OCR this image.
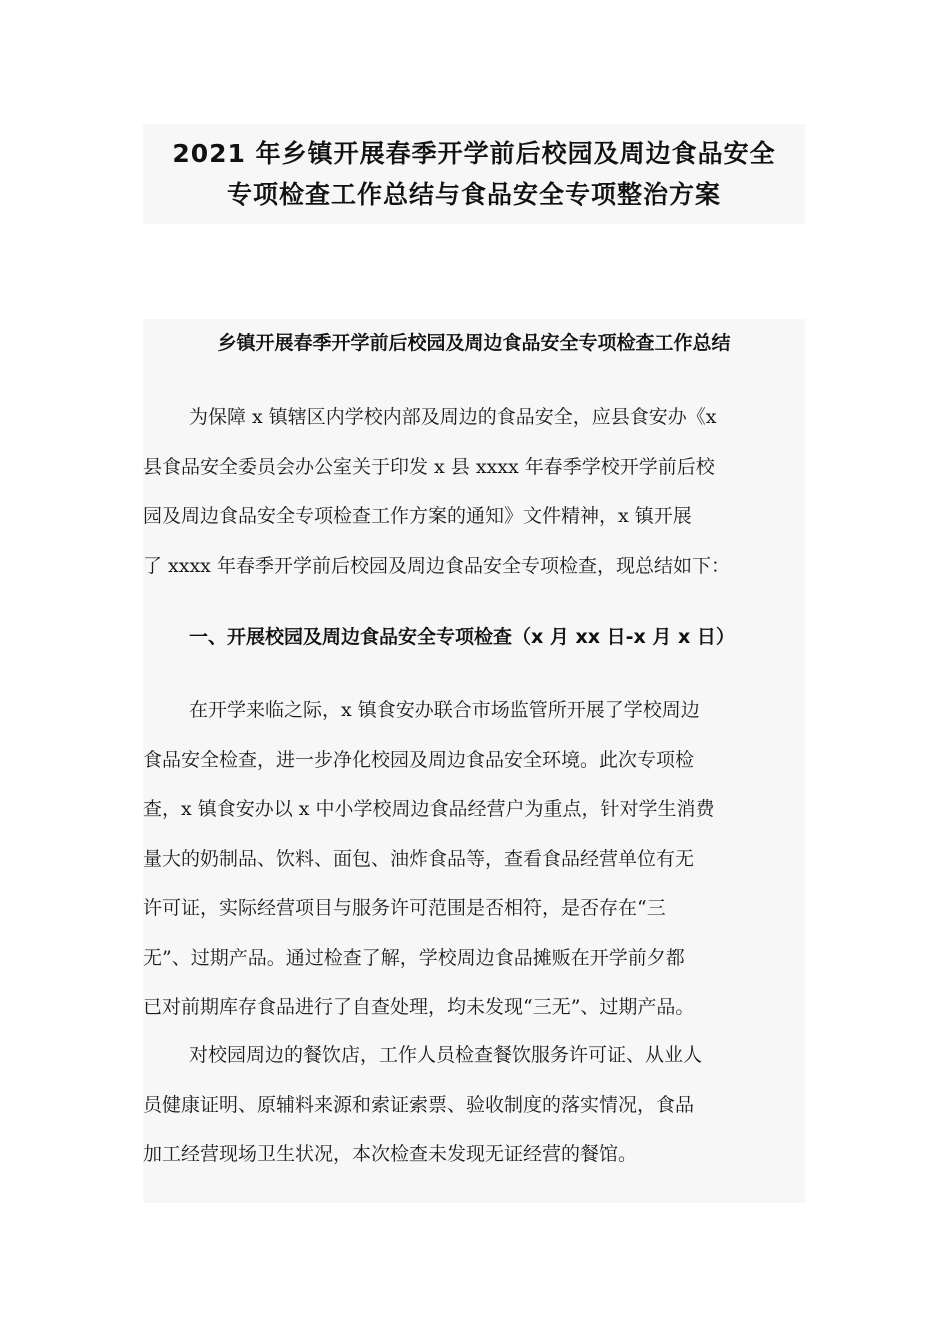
2021 年乡镇开展春季开学前后校园及周边食品安全
专项检查工作总结与食品安全专项整治方案
乡镇开展春季开学前后校园及周边食品安全专项检查工作总结
为保障 x 镇辖区内学校内部及周边的食品安全，应县食安办《x
县食品安全委员会办公室关于印发 x 县 xxxx 年春季学校开学前后校
园及周边食品安全专项检查工作方案的通知》文件精神，x 镇开展
了 xxxx 年春季开学前后校园及周边食品安全专项检查，现总结如下：
一、开展校园及周边食品安全专项检查（x 月 xx 日-x 月 x 日）
在开学来临之际，x 镇食安办联合市场监管所开展了学校周边
食品安全检查，进一步净化校园及周边食品安全环境。此次专项检
查，x 镇食安办以 x 中小学校周边食品经营户为重点，针对学生消费
量大的奶制品、饮料、面包、油炸食品等，查看食品经营单位有无
许可证，实际经营项目与服务许可范围是否相符，是否存在“三
无”、过期产品。通过检查了解，学校周边食品摊贩在开学前夕都
已对前期库存食品进行了自查处理，均未发现“三无”、过期产品。
对校园周边的餐饮店，工作人员检查餐饮服务许可证、从业人
员健康证明、原辅料来源和索证索票、验收制度的落实情况，食品
加工经营现场卫生状况，本次检查未发现无证经营的餐馆。
